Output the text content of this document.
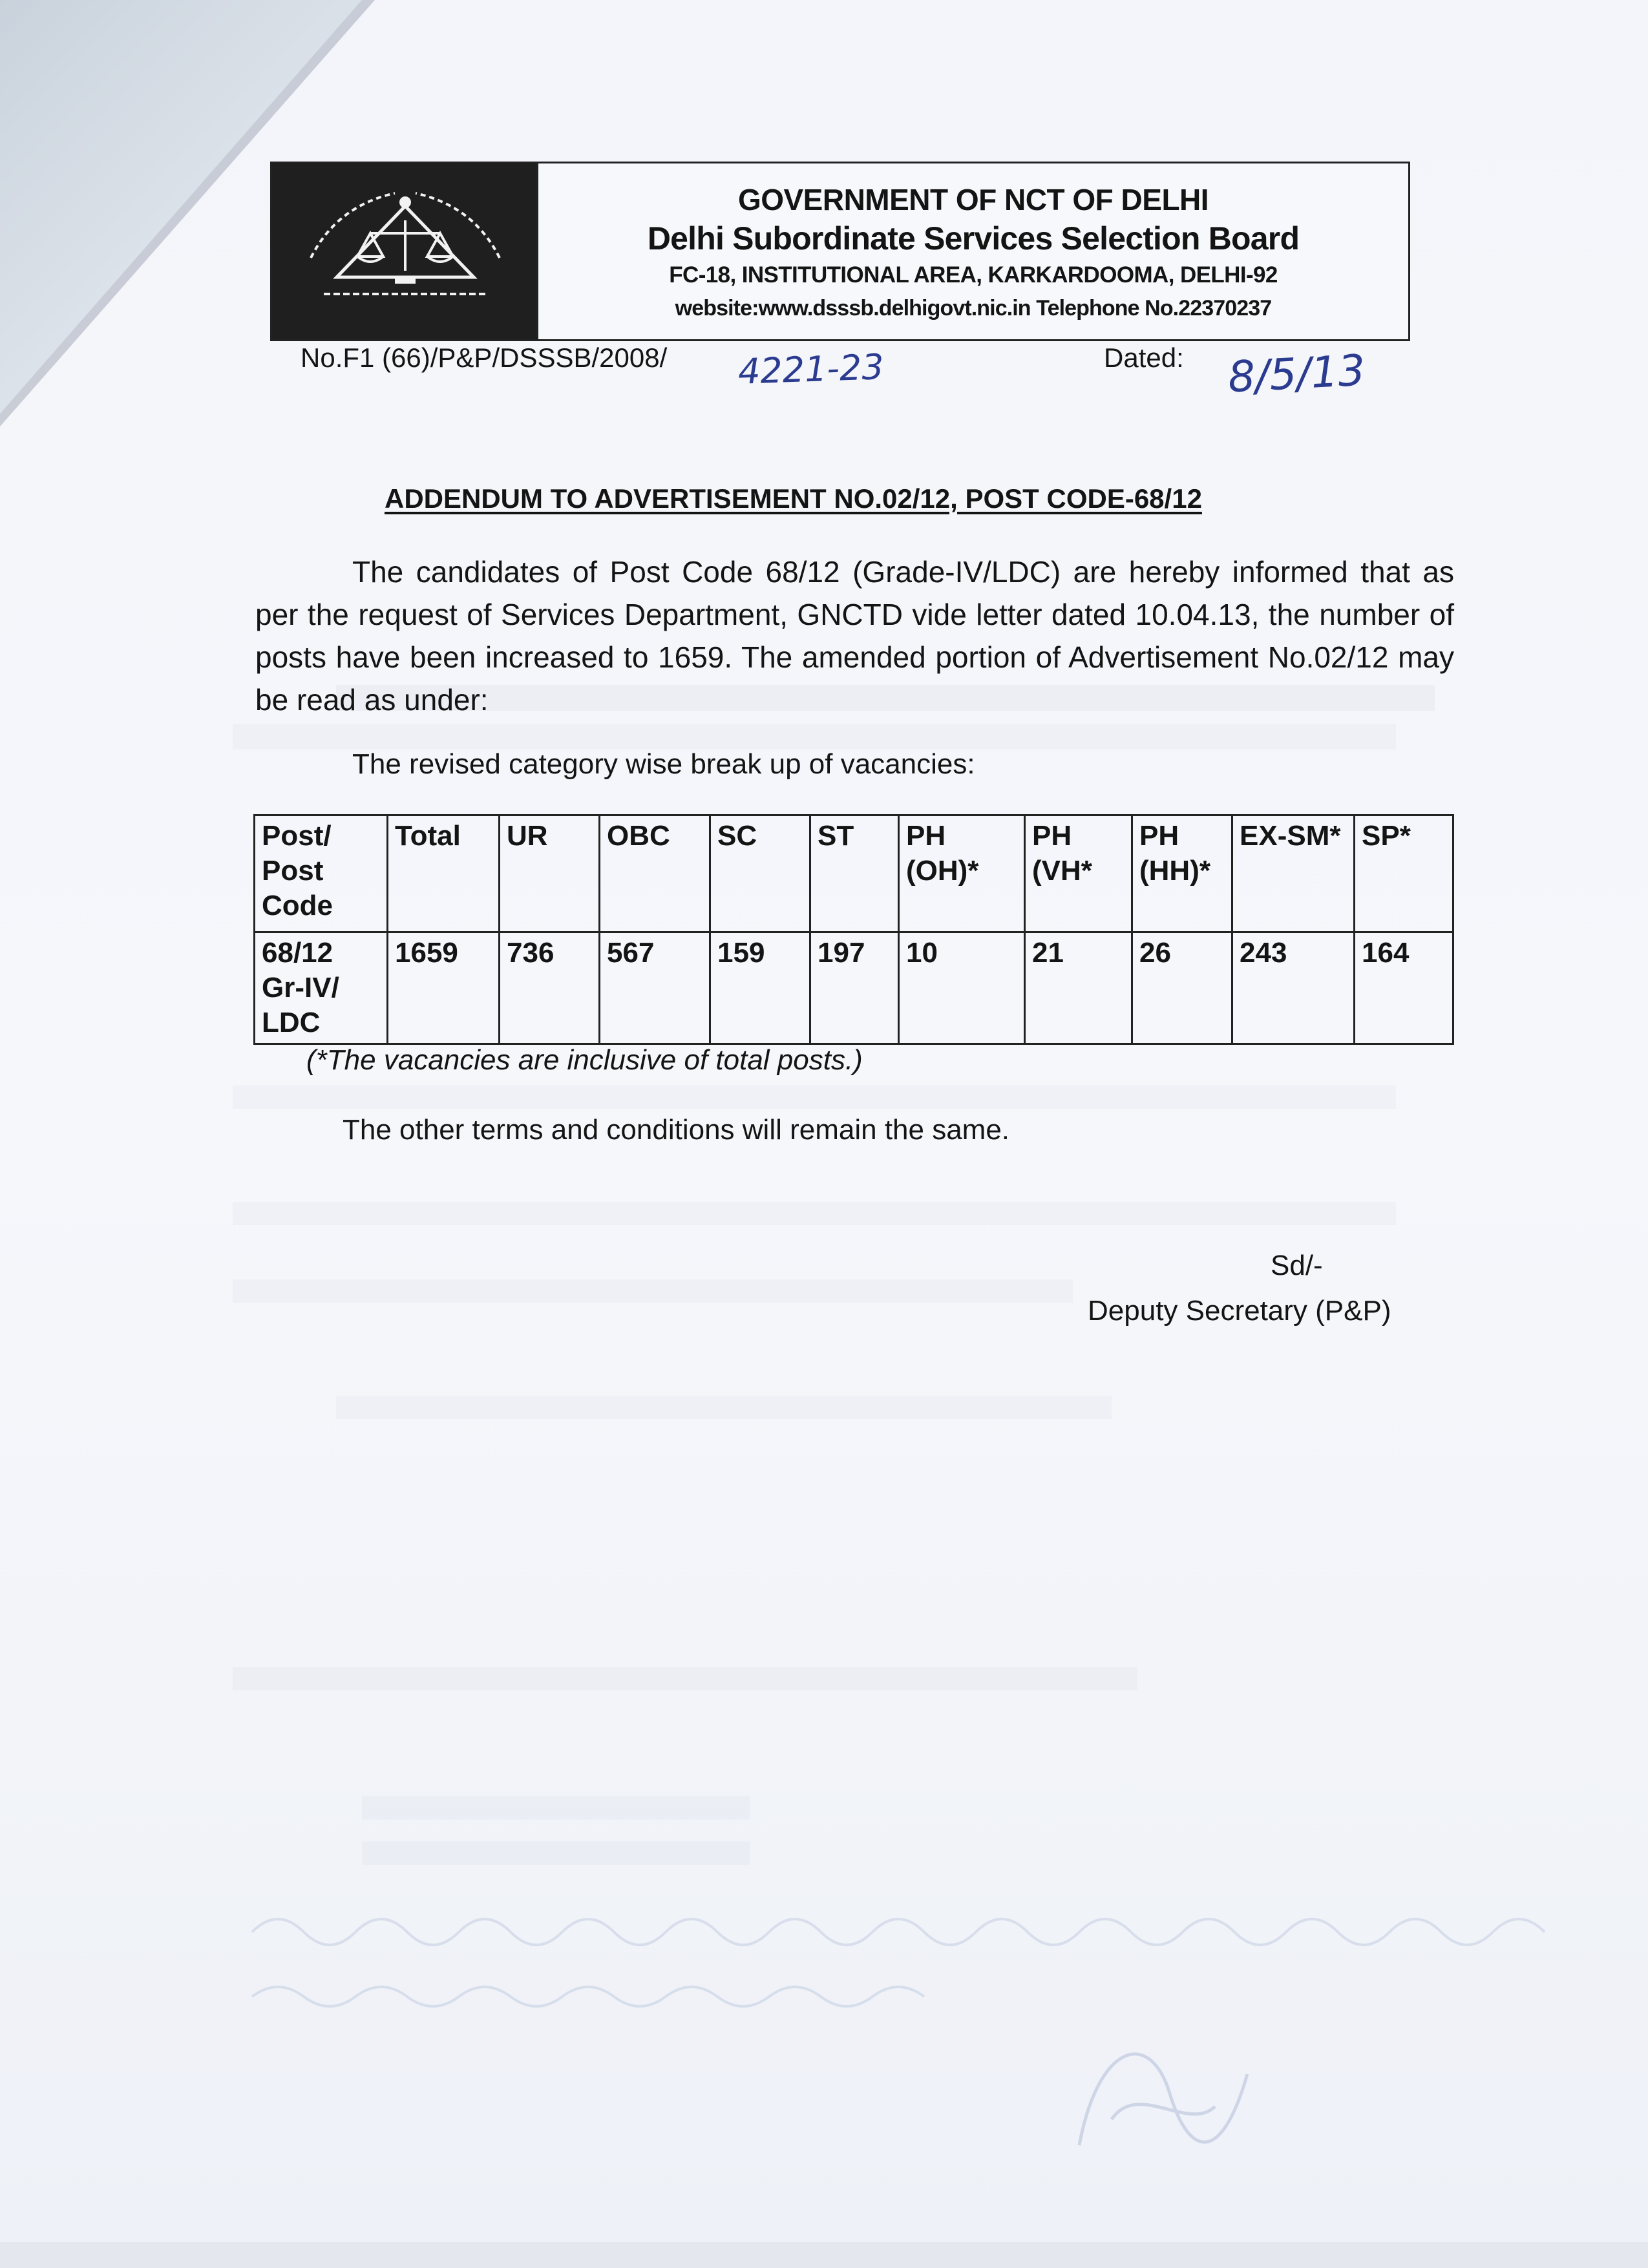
GOVERNMENT OF NCT OF DELHI
Delhi Subordinate Services Selection Board
FC-18, INSTITUTIONAL AREA, KARKARDOOMA, DELHI-92
website:www.dsssb.delhigovt.nic.in Telephone No.22370237
No.F1 (66)/P&P/DSSSB/2008/ 4221-23	Dated: 8/5/13
ADDENDUM TO ADVERTISEMENT NO.02/12, POST CODE-68/12
The candidates of Post Code 68/12 (Grade-IV/LDC) are hereby informed that as per the request of Services Department, GNCTD vide letter dated 10.04.13, the number of posts have been increased to 1659. The amended portion of Advertisement No.02/12 may be read as under:
The revised category wise break up of vacancies:
Post/ Post Code	Total	UR	OBC	SC	ST	PH (OH)*	PH (VH*	PH (HH)*	EX-SM*	SP*
68/12 Gr-IV/ LDC	1659	736	567	159	197	10	21	26	243	164
(*The vacancies are inclusive of total posts.)
The other terms and conditions will remain the same.
Sd/-
Deputy Secretary (P&P)
